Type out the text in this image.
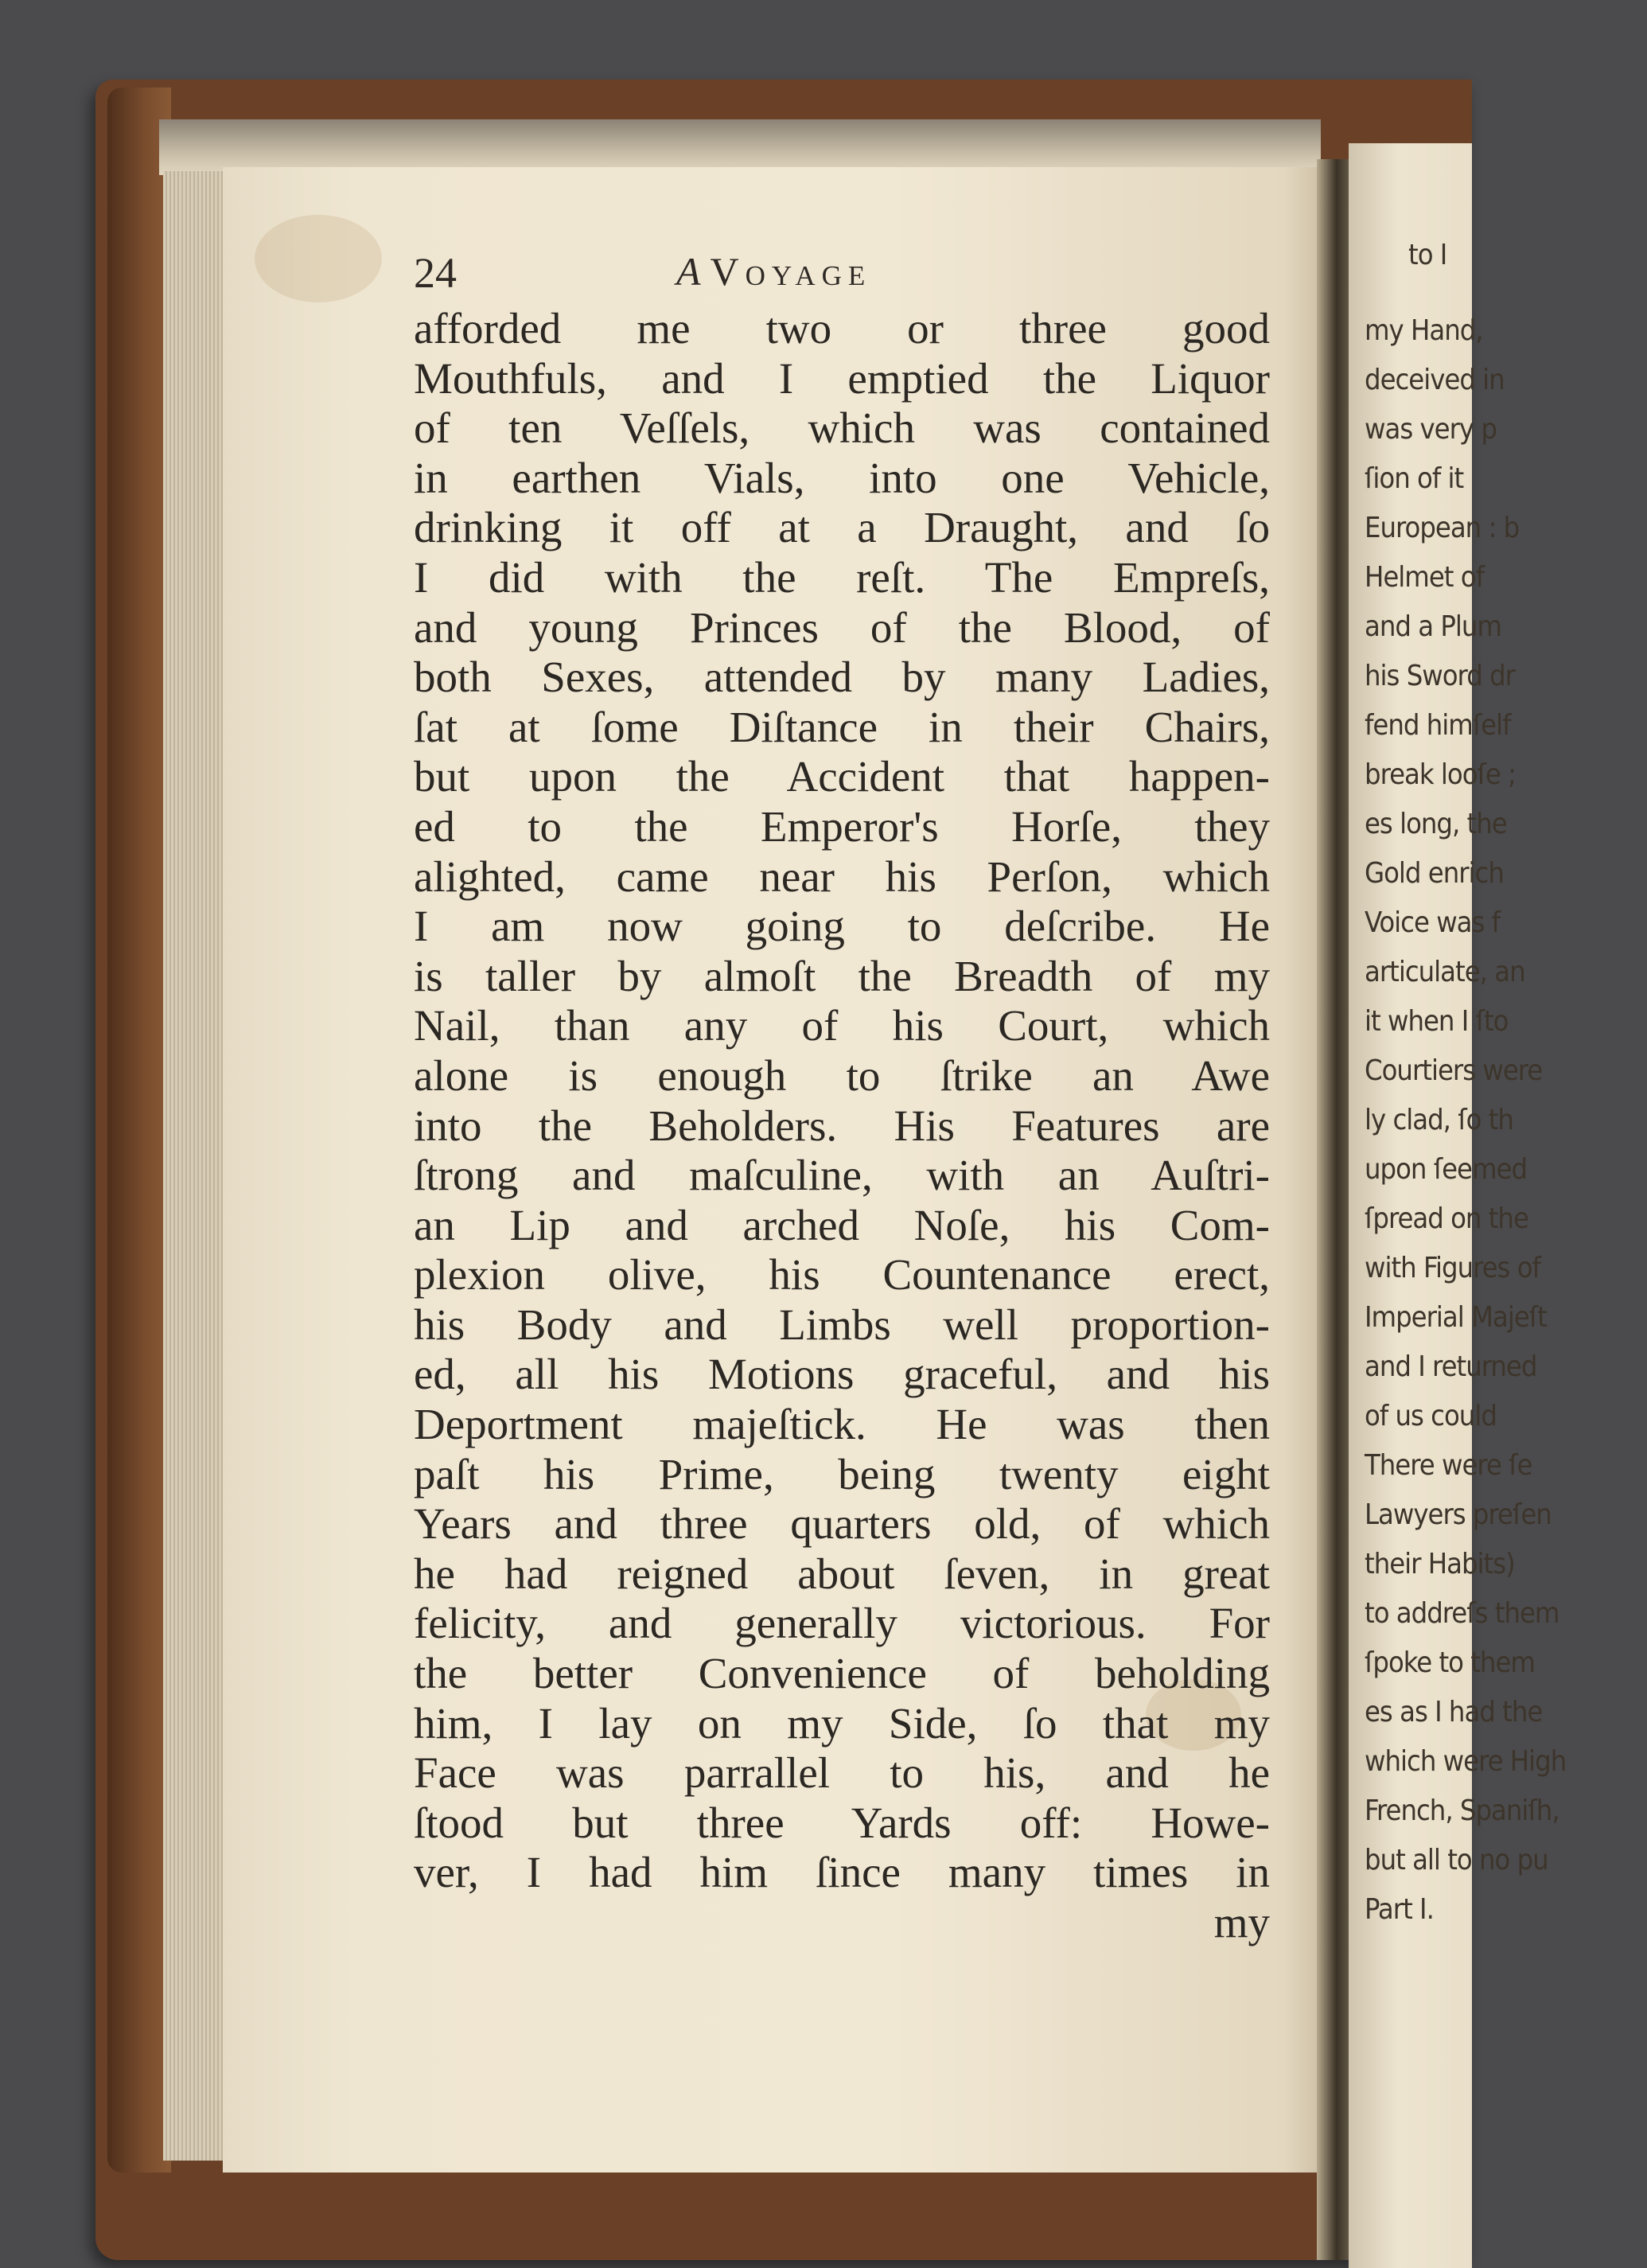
to I
my Hand,
deceived in
was very p
ſion of it
European : b
Helmet of
and a Plum
his Sword dr
fend himſelf
break looſe ;
es long, the
Gold enrich
Voice was f
articulate, an
it when I ſto
Courtiers were
ly clad, ſo th
upon ſeemed
ſpread on the
with Figures of
Imperial Majeſt
and I returned
of us could
There were ſe
Lawyers preſen
their Habits)
to addreſs them
ſpoke to them
es as I had the
which were High
French, Spaniſh,
but all to no pu
Part I.
24	A Voyage
afforded me two or three good
Mouthfuls, and I emptied the Liquor
of ten Veſſels, which was contained
in earthen Vials, into one Vehicle,
drinking it off at a Draught, and ſo
I did with the reſt. The Empreſs,
and young Princes of the Blood, of
both Sexes, attended by many Ladies,
ſat at ſome Diſtance in their Chairs,
but upon the Accident that happen-
ed to the Emperor's Horſe, they
alighted, came near his Perſon, which
I am now going to deſcribe. He
is taller by almoſt the Breadth of my
Nail, than any of his Court, which
alone is enough to ſtrike an Awe
into the Beholders. His Features are
ſtrong and maſculine, with an Auſtri-
an Lip and arched Noſe, his Com-
plexion olive, his Countenance erect,
his Body and Limbs well proportion-
ed, all his Motions graceful, and his
Deportment majeſtick. He was then
paſt his Prime, being twenty eight
Years and three quarters old, of which
he had reigned about ſeven, in great
felicity, and generally victorious. For
the better Convenience of beholding
him, I lay on my Side, ſo that my
Face was parrallel to his, and he
ſtood but three Yards off: Howe-
ver, I had him ſince many times in
my
